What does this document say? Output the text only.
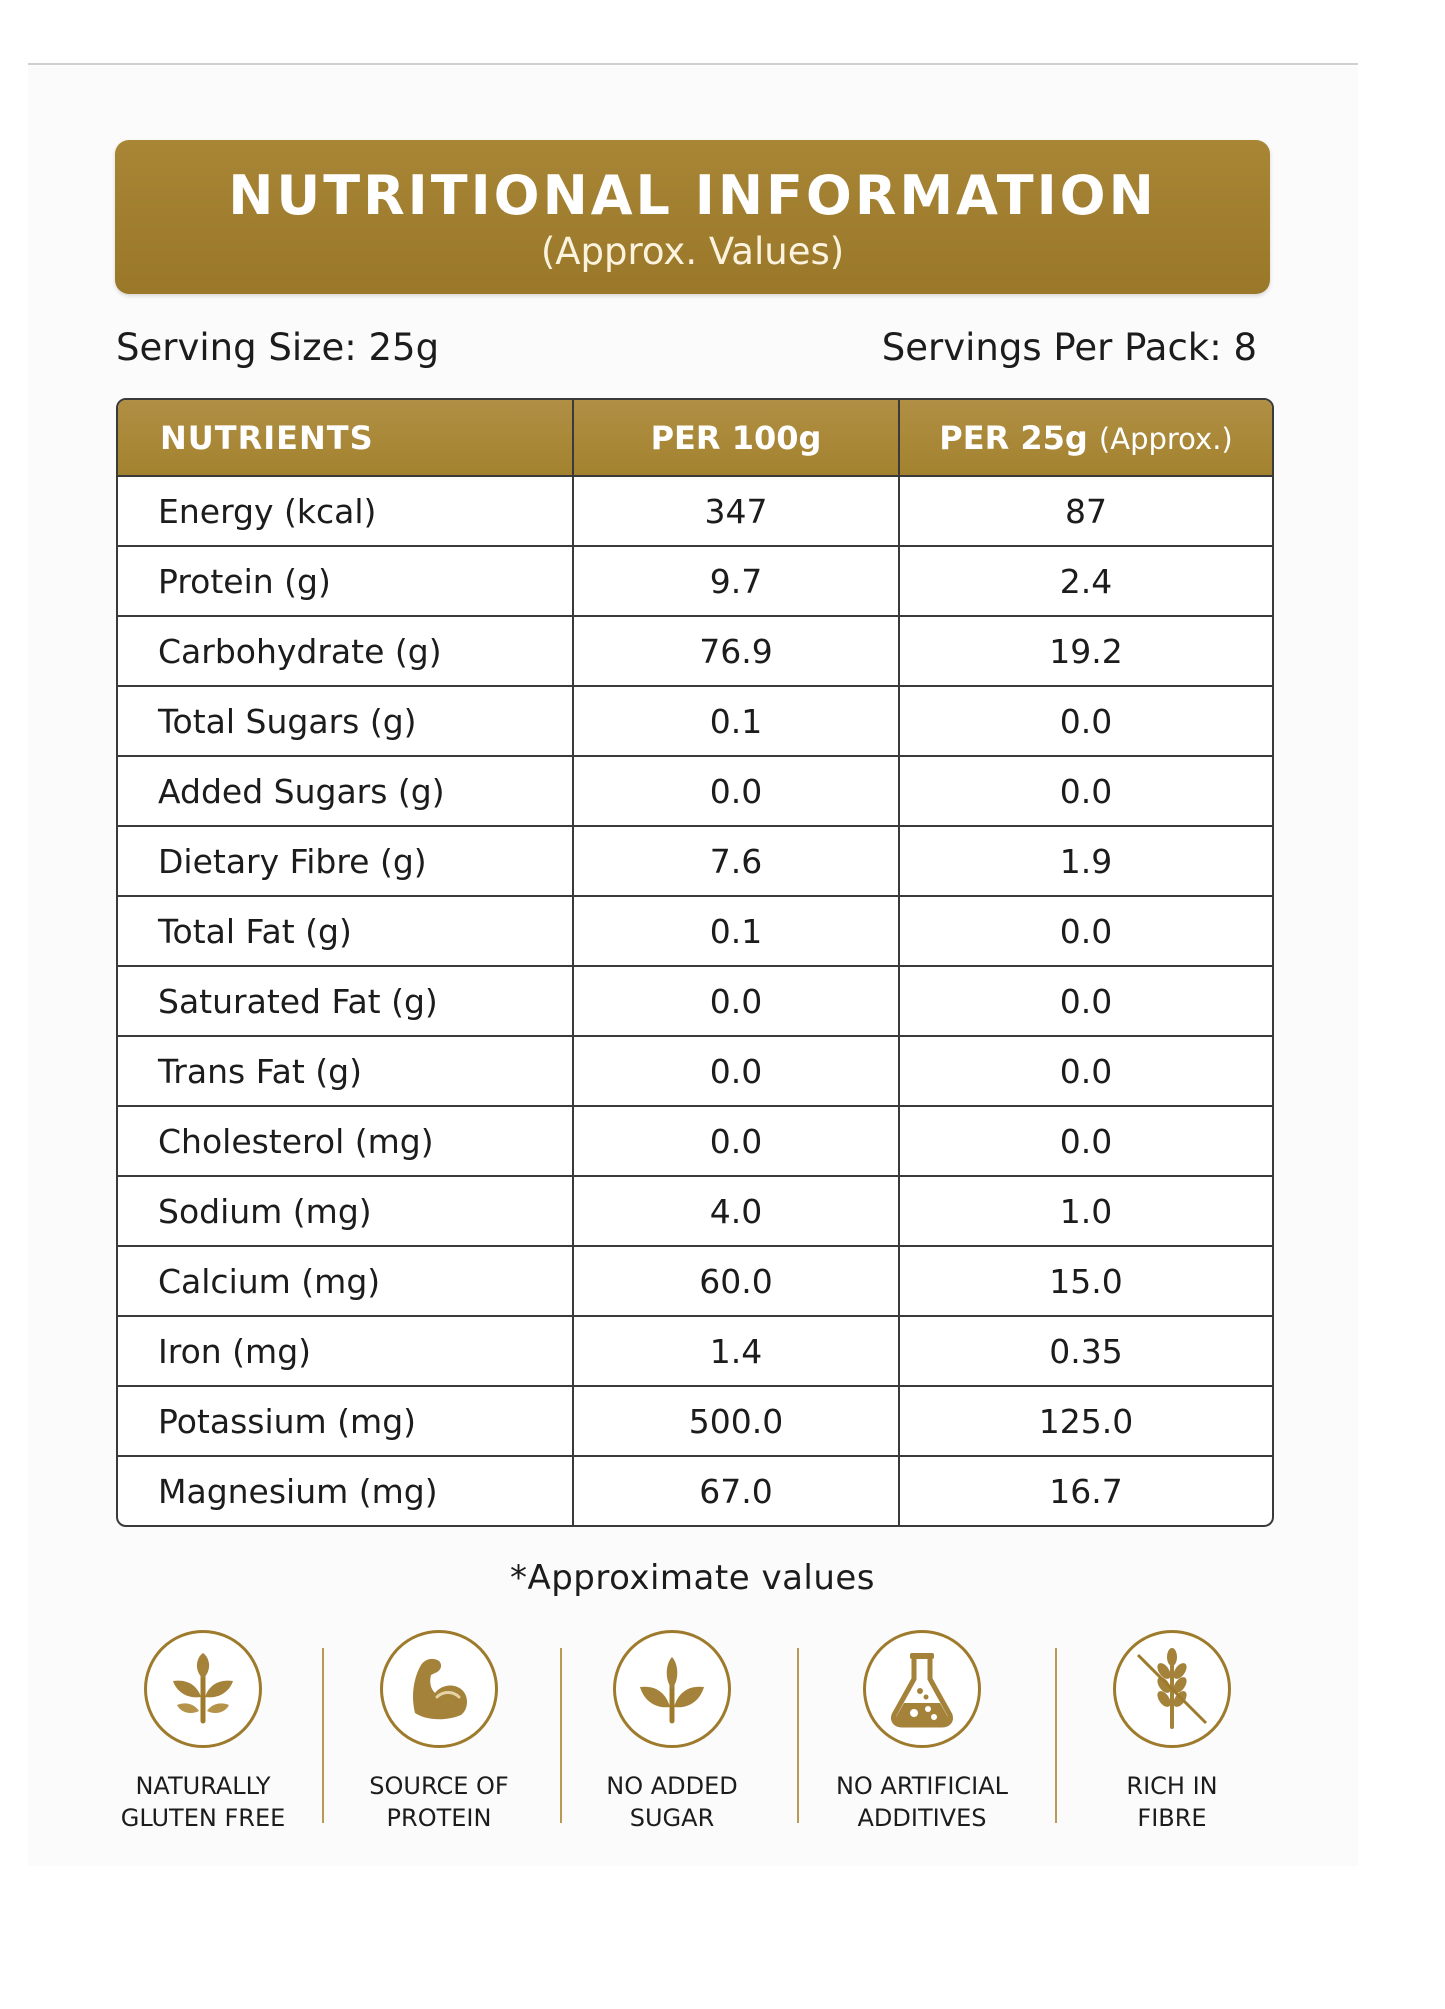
NUTRITIONAL INFORMATION
(Approx. Values)
Serving Size: 25g	Servings Per Pack: 8
NUTRIENTS	PER 100g	PER 25g (Approx.)
Energy (kcal)	347	87
Protein (g)	9.7	2.4
Carbohydrate (g)	76.9	19.2
Total Sugars (g)	0.1	0.0
Added Sugars (g)	0.0	0.0
Dietary Fibre (g)	7.6	1.9
Total Fat (g)	0.1	0.0
Saturated Fat (g)	0.0	0.0
Trans Fat (g)	0.0	0.0
Cholesterol (mg)	0.0	0.0
Sodium (mg)	4.0	1.0
Calcium (mg)	60.0	15.0
Iron (mg)	1.4	0.35
Potassium (mg)	500.0	125.0
Magnesium (mg)	67.0	16.7
*Approximate values
NATURALLY
GLUTEN FREE
SOURCE OF
PROTEIN
NO ADDED
SUGAR
NO ARTIFICIAL
ADDITIVES
RICH IN
FIBRE
